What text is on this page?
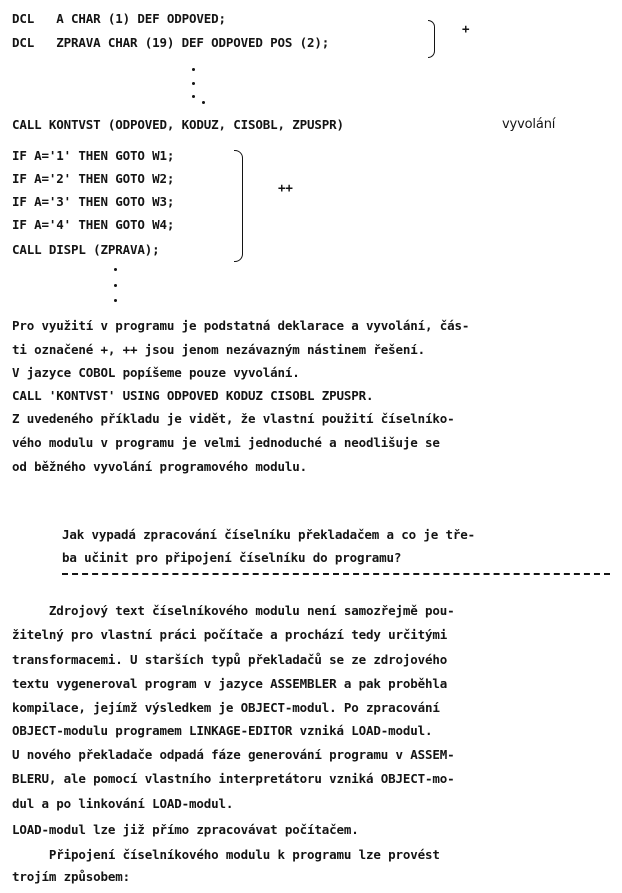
DCL   A CHAR (1) DEF ODPOVED;
DCL   ZPRAVA CHAR (19) DEF ODPOVED POS (2);
+
CALL KONTVST (ODPOVED, KODUZ, CISOBL, ZPUSPR)	vyvolání
IF A='1' THEN GOTO W1;
IF A='2' THEN GOTO W2;
IF A='3' THEN GOTO W3;
IF A='4' THEN GOTO W4;
CALL DISPL (ZPRAVA);
++
Pro využití v programu je podstatná deklarace a vyvolání, čás-
ti označené +, ++ jsou jenom nezávazným nástinem řešení.
V jazyce COBOL popíšeme pouze vyvolání.
CALL 'KONTVST' USING ODPOVED KODUZ CISOBL ZPUSPR.
Z uvedeného příkladu je vidět, že vlastní použití číselníko-
vého modulu v programu je velmi jednoduché a neodlišuje se
od běžného vyvolání programového modulu.
Jak vypadá zpracování číselníku překladačem a co je tře-
ba učinit pro připojení číselníku do programu?
Zdrojový text číselníkového modulu není samozřejmě pou-
žitelný pro vlastní práci počítače a prochází tedy určitými
transformacemi. U starších typů překladačů se ze zdrojového
textu vygeneroval program v jazyce ASSEMBLER a pak proběhla
kompilace, jejímž výsledkem je OBJECT-modul. Po zpracování
OBJECT-modulu programem LINKAGE-EDITOR vzniká LOAD-modul.
U nového překladače odpadá fáze generování programu v ASSEM-
BLERU, ale pomocí vlastního interpretátoru vzniká OBJECT-mo-
dul a po linkování LOAD-modul.
LOAD-modul lze již přímo zpracovávat počítačem.
Připojení číselníkového modulu k programu lze provést
trojím způsobem:
